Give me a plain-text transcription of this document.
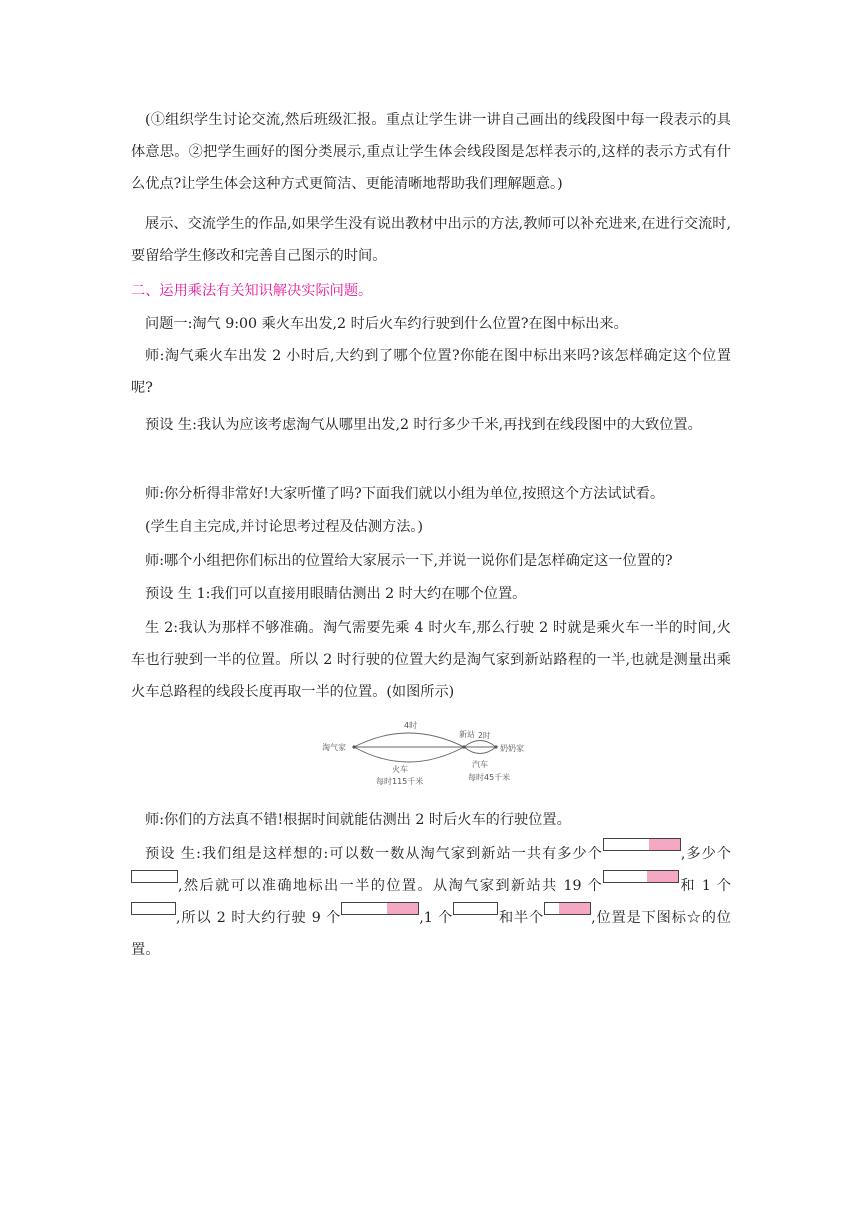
(①组织学生讨论交流,然后班级汇报。重点让学生讲一讲自己画出的线段图中每一段表示的具体意思。②把学生画好的图分类展示,重点让学生体会线段图是怎样表示的,这样的表示方式有什么优点?让学生体会这种方式更简洁、更能清晰地帮助我们理解题意。)

展示、交流学生的作品,如果学生没有说出教材中出示的方法,教师可以补充进来,在进行交流时,要留给学生修改和完善自己图示的时间。

二、运用乘法有关知识解决实际问题。

问题一:淘气 9:00 乘火车出发,2 时后火车约行驶到什么位置?在图中标出来。

师:淘气乘火车出发 2 小时后,大约到了哪个位置?你能在图中标出来吗?该怎样确定这个位置呢?

预设 生:我认为应该考虑淘气从哪里出发,2 时行多少千米,再找到在线段图中的大致位置。

师:你分析得非常好!大家听懂了吗?下面我们就以小组为单位,按照这个方法试试看。

(学生自主完成,并讨论思考过程及估测方法。)

师:哪个小组把你们标出的位置给大家展示一下,并说一说你们是怎样确定这一位置的?

预设 生 1:我们可以直接用眼睛估测出 2 时大约在哪个位置。

生 2:我认为那样不够准确。淘气需要先乘 4 时火车,那么行驶 2 时就是乘火车一半的时间,火车也行驶到一半的位置。所以 2 时行驶的位置大约是淘气家到新站路程的一半,也就是测量出乘火车总路程的线段长度再取一半的位置。(如图所示)

4时
淘气家
新站 2时
奶奶家
火车
每时115千米
汽车
每时45千米

师:你们的方法真不错!根据时间就能估测出 2 时后火车的行驶位置。

预设 生:我们组是这样想的:可以数一数从淘气家到新站一共有多少个	,多少个,然后就可以准确地标出一半的位置。从淘气家到新站共 19 个	和 1 个,所以 2 时大约行驶 9 个	,1 个	和半个	,位置是下图标☆的位置。
